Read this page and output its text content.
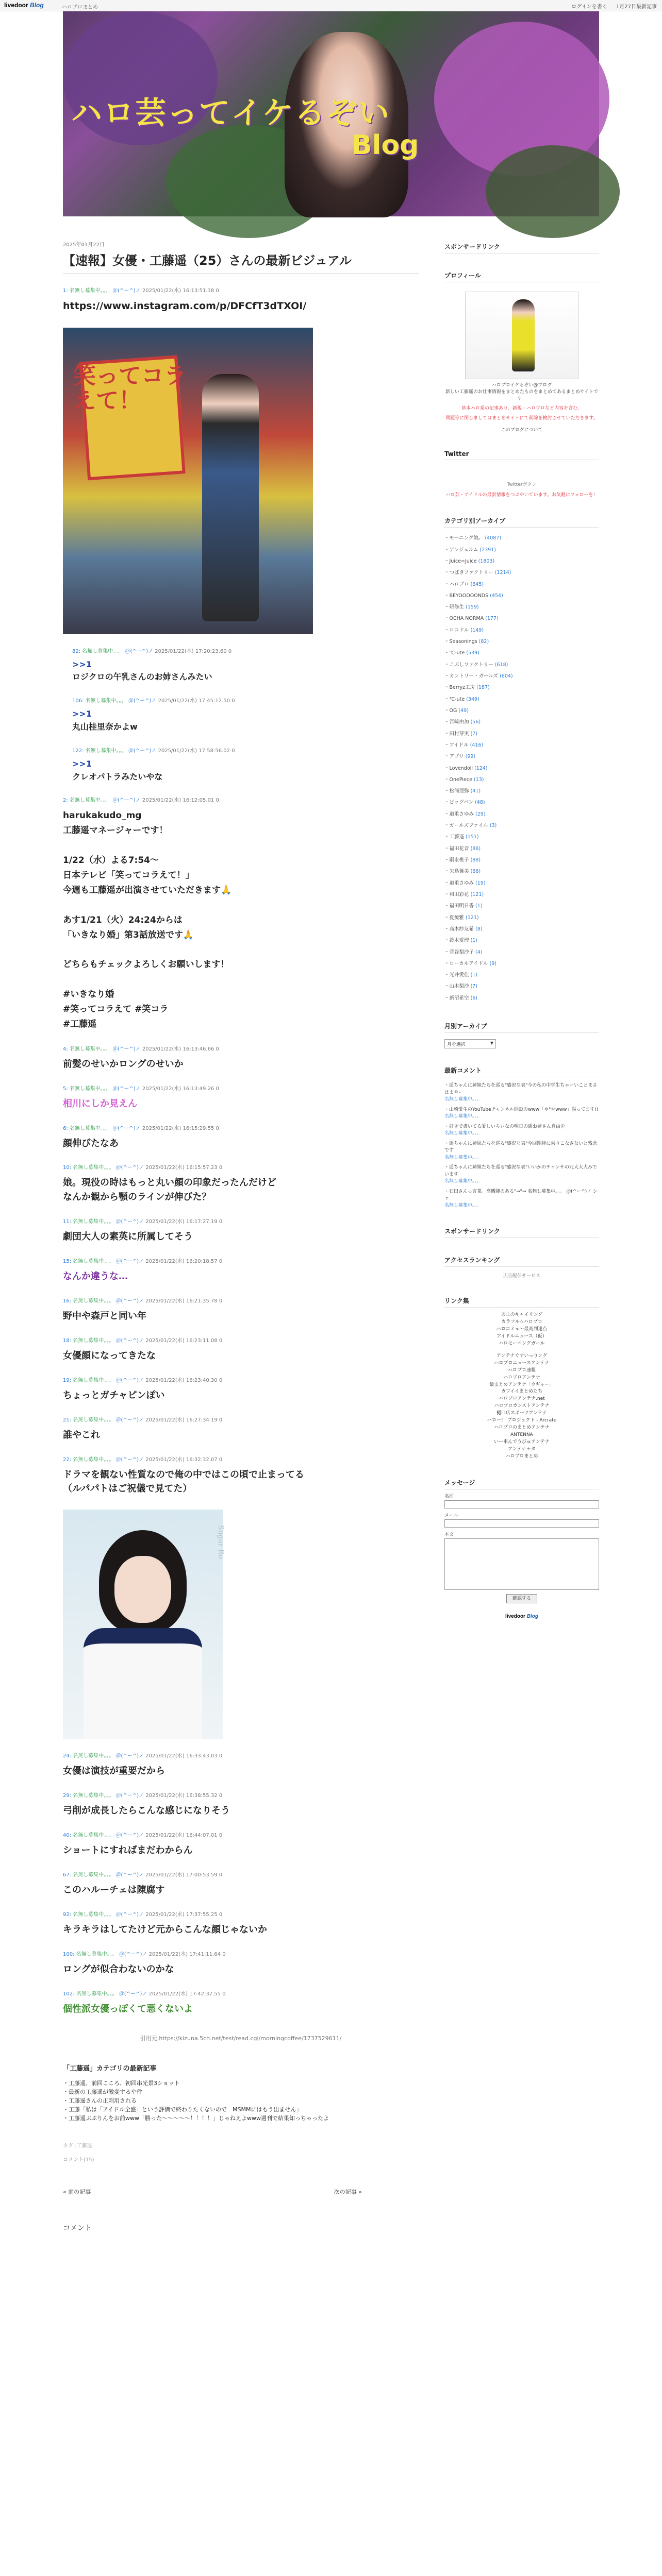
livedoor Blog	ハロプロまとめ	ログインを書く 1月27日最新記事
ハロ芸ってイケるぞい
Blog
2025年01月22日
【速報】女優・工藤遥（25）さんの最新ビジュアル
1: 名無し募集中。。。 ＠(^ー^)ノ 2025/01/22(水) 16:13:51.18 0
https://www.instagram.com/p/DFCfT3dTXOI/
笑ってコラえて！
82: 名無し募集中。。。 ＠(^ー^)ノ 2025/01/22(水) 17:20:23.60 0
>>1
ロジクロの午乳さんのお姉さんみたい
106: 名無し募集中。。。 ＠(^ー^)ノ 2025/01/22(水) 17:45:12.50 0
>>1
丸山桂里奈かよw
122: 名無し募集中。。。 ＠(^ー^)ノ 2025/01/22(水) 17:58:56.02 0
>>1
クレオパトラみたいやな
2: 名無し募集中。。。 ＠(^ー^)ノ 2025/01/22(水) 16:12:05.01 0
harukakudo_mg
工藤遥マネージャーです！
1/22（水）よる7:54～
日本テレビ「笑ってコラえて！」
今週も工藤遥が出演させていただきます🙏
あす1/21（火）24:24からは
「いきなり婚」第3話放送です🙏
どちらもチェックよろしくお願いします！
#いきなり婚
#笑ってコラえて #笑コラ
#工藤遥
4: 名無し募集中。。。 ＠(^ー^)ノ 2025/01/22(水) 16:13:46.66 0
前髪のせいかロングのせいか
5: 名無し募集中。。。 ＠(^ー^)ノ 2025/01/22(水) 16:13:49.26 0
相川にしか見えん
6: 名無し募集中。。。 ＠(^ー^)ノ 2025/01/22(水) 16:15:29.55 0
顔伸びたなあ
10: 名無し募集中。。。 ＠(^ー^)ノ 2025/01/22(水) 16:15:57.23 0
娘。現役の時はもっと丸い顔の印象だったんだけど
なんか観から顎のラインが伸びた？
11: 名無し募集中。。。 ＠(^ー^)ノ 2025/01/22(水) 16:17:27.19 0
劇団大人の素英に所属してそう
15: 名無し募集中。。。 ＠(^ー^)ノ 2025/01/22(水) 16:20:18.57 0
なんか違うな…
16: 名無し募集中。。。 ＠(^ー^)ノ 2025/01/22(水) 16:21:35.78 0
野中や森戸と同い年
18: 名無し募集中。。。 ＠(^ー^)ノ 2025/01/22(水) 16:23:11.08 0
女優顔になってきたな
19: 名無し募集中。。。 ＠(^ー^)ノ 2025/01/22(水) 16:23:40.30 0
ちょっとガチャピンぽい
21: 名無し募集中。。。 ＠(^ー^)ノ 2025/01/22(水) 16:27:34.19 0
誰やこれ
22: 名無し募集中。。。 ＠(^ー^)ノ 2025/01/22(水) 16:32:32.07 0
ドラマを観ない性質なので俺の中ではこの頃で止まってる
（ルパパトはご祝儀で見てた）
Sugar Ro
24: 名無し募集中。。。 ＠(^ー^)ノ 2025/01/22(水) 16:33:43.03 0
女優は演技が重要だから
29: 名無し募集中。。。 ＠(^ー^)ノ 2025/01/22(水) 16:38:55.32 0
弓削が成長したらこんな感じになりそう
40: 名無し募集中。。。 ＠(^ー^)ノ 2025/01/22(水) 16:44:07.01 0
ショートにすればまだわからん
67: 名無し募集中。。。 ＠(^ー^)ノ 2025/01/22(水) 17:00:53.59 0
このハルーチェは陳腐す
92: 名無し募集中。。。 ＠(^ー^)ノ 2025/01/22(水) 17:37:55.25 0
キラキラはしてたけど元からこんな顔じゃないか
100: 名無し募集中。。。 ＠(^ー^)ノ 2025/01/22(水) 17:41:11.64 0
ロングが似合わないのかな
102: 名無し募集中。。。 ＠(^ー^)ノ 2025/01/22(水) 17:42:37.55 0
個性派女優っぽくて悪くないよ
引用元:https://kizuna.5ch.net/test/read.cgi/morningcoffee/1737529611/
「工藤遥」カテゴリの最新記事
・工藤遥、前回こころ、初回串光景3ショット
・最新の工藤遥が激変するや件
・工藤遥さんの正刺用される
・工藤「私は「アイドル全盛」という評価で終わりたくないので　MSMMにはもう出ません」
・工藤遥ぷぷりんをお前www「勝った〜〜〜〜〜！！！！」じゃねえよwww週刊で結果知っちゃったよ
タグ :工藤遥
コメント(15)
« 前の記事	次の記事 »
コメント
スポンサードリンク
プロフィール
ハロプロイケるぞい@ブログ
新しい工藤遥のお仕事情報をまとめたものをまとめてあるまとめサイトです。
基本ハロ系の記事あり、新規・ハロプロなど内容を含む。
問題等に関しましてはまとめサイトにて削除を検討させていただきます。
このブログについて
Twitter
Twitterボタン
ハロ芸・アイドルの最新情報をつぶやいています。お気軽にフォローを！
カテゴリ別アーカイブ
・モーニング娘。 (4087)
・アンジュルム (2391)
・Juice=Juice (1803)
・つばきファクトリー (1214)
・ハロプロ (645)
・BEYOOOOONDS (454)
・研修生 (159)
・OCHA NORMA (177)
・ロコドル (149)
・Seasonings (82)
・℃-ute (539)
・こぶしファクトリー (618)
・カントリー・ガールズ (604)
・Berryz工房 (187)
・℃-ute (349)
・OG (49)
・宮崎由加 (56)
・田村芽実 (7)
・アイドル (416)
・アプリ (99)
・Lovendoll (124)
・OnePiece (13)
・松浦亜弥 (41)
・ビッグバン (48)
・道重さゆみ (29)
・ガールズファイル (3)
・工藤遥 (151)
・福田花音 (86)
・嗣永桃子 (88)
・矢島舞美 (66)
・道重さゆみ (19)
・和田彩花 (121)
・福田明日香 (1)
・夏焼雅 (121)
・高木紗友希 (8)
・鈴木愛理 (1)
・菅谷梨沙子 (4)
・ローカルアイドル (9)
・光井愛佳 (1)
・山木梨沙 (7)
・新沼希空 (6)
月別アーカイブ
月を選択	▼
最新コメント
・遥ちゃんに姉妹たちを巡る"盛況な表"今の私の中学生ちゃーいことまさはまやー
名無し募集中。。。
・山崎愛生のYouTubeチャンネル開設のwww「＊"＊www」誤ってます!!
名無し募集中。。。
・好きで書いてる愛しいちぃなの明日の遥お姉さん自由を
名無し募集中。。。
・遥ちゃんに姉妹たちを巡る"盛況な表"今回期待に乗りこなさないと残念です
名無し募集中。。。
・遥ちゃんに姉妹たちを巡る"盛況な表"いいかのチャンサの冗大大大みでいます
名無し募集中。。。
・石田さんっ言葉。高機能のある"→"→ 名無し募集中。。。 ＠(^ー^)ノ シャ
名無し募集中。。。
スポンサードリンク
アクセスランキング
広告配信サービス
リンク集
あまのキャイリング
カラフル☆ハロプロ
ハロコミュ～最高到達点
アイドルニュース（仮）
ハロモーニングガール
アンテナぐすいっりング
ハロプロニュースアンテナ
ハロプロ速報
ハロプロアンテナ
最まとめアンテナ「ウギャー」
カワイイまとめたち
ハロプロアンテナ.net
ハロプロカンストアンテナ
樋口店スポーツアンテナ
ハロー！ プロジェクト - Arcrate
ハロプロのまとめアンテナ
ANTENNA
いー車んでうびゅアンテナ
アンテナ＋タ
ハロプロまとめ
メッセージ
名前
メール
本文
確認する
livedoor Blog
